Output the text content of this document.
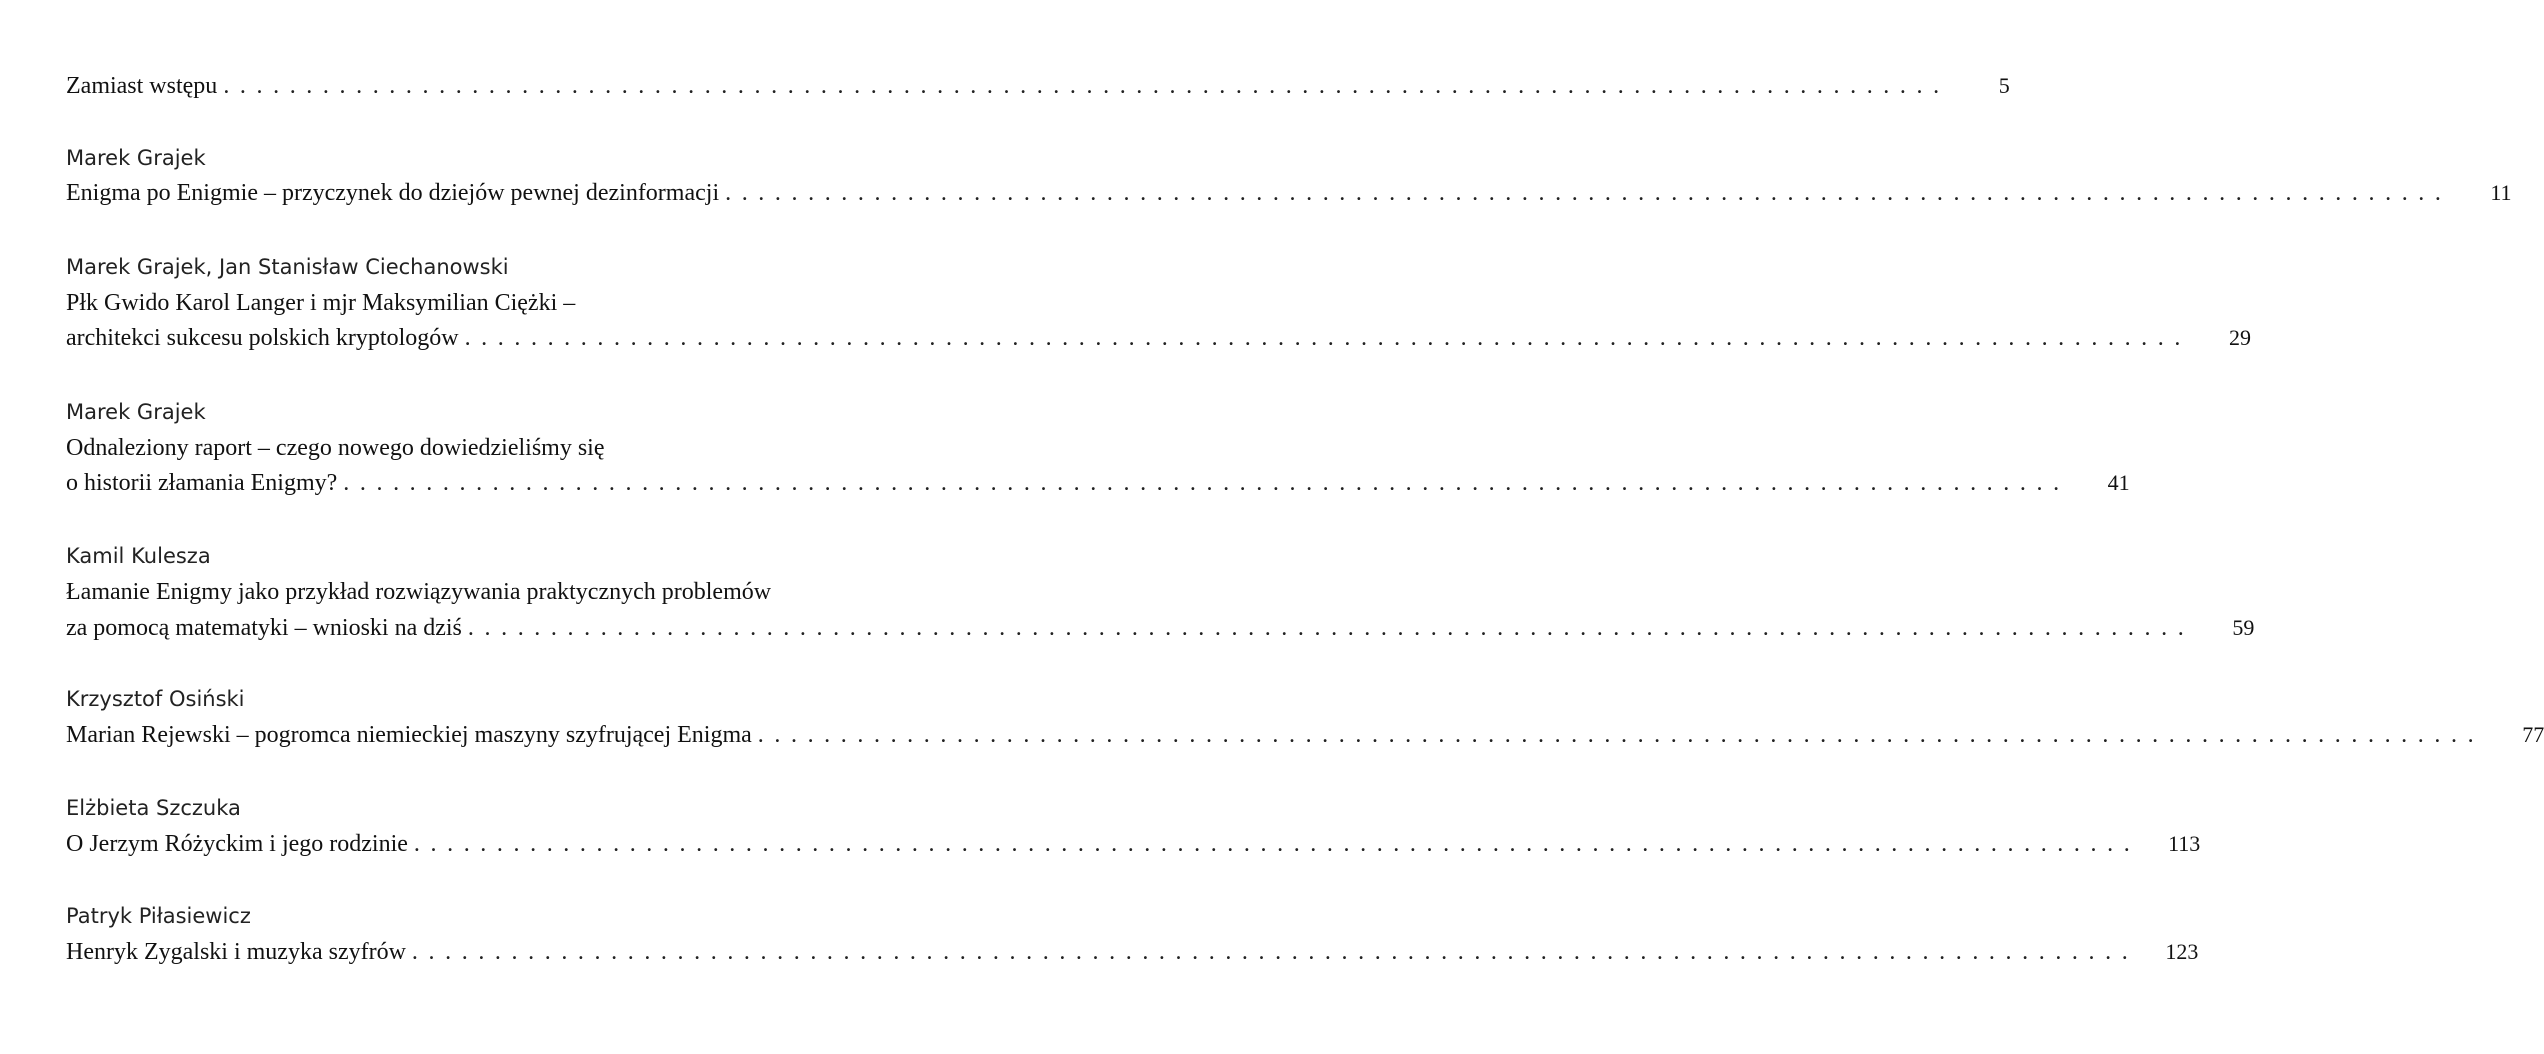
Zamiast wstępu ........................................................................................................	5
Marek Grajek
Enigma po Enigmie – przyczynek do dziejów pewnej dezinformacji ........................................................................................................	11
Marek Grajek, Jan Stanisław Ciechanowski
Płk Gwido Karol Langer i mjr Maksymilian Ciężki –
architekci sukcesu polskich kryptologów ........................................................................................................	29
Marek Grajek
Odnaleziony raport – czego nowego dowiedzieliśmy się
o historii złamania Enigmy? ........................................................................................................	41
Kamil Kulesza
Łamanie Enigmy jako przykład rozwiązywania praktycznych problemów
za pomocą matematyki – wnioski na dziś ........................................................................................................	59
Krzysztof Osiński
Marian Rejewski – pogromca niemieckiej maszyny szyfrującej Enigma ........................................................................................................	77
Elżbieta Szczuka
O Jerzym Różyckim i jego rodzinie ........................................................................................................	113
Patryk Piłasiewicz
Henryk Zygalski i muzyka szyfrów ........................................................................................................	123
